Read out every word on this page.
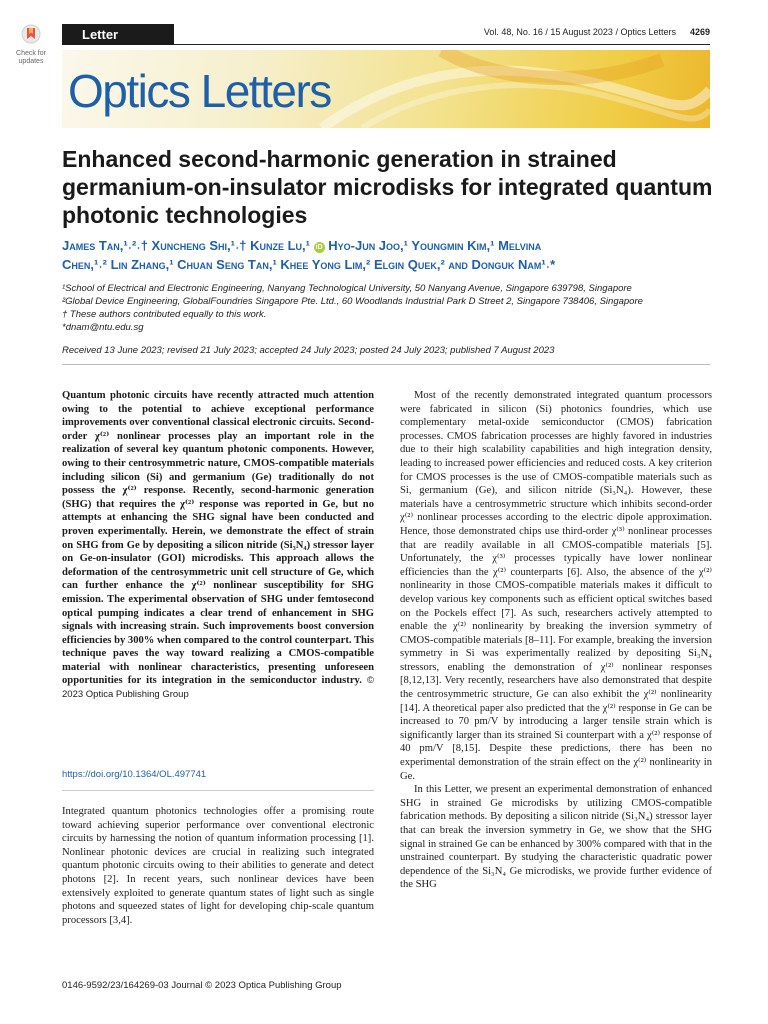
Check for
updates
Letter	Vol. 48, No. 16 / 15 August 2023 / Optics Letters 4269
Optics Letters
Enhanced second-harmonic generation in strained germanium-on-insulator microdisks for integrated quantum photonic technologies
James Tan,¹˒²˒† Xuncheng Shi,¹˒† Kunze Lu,¹ iD Hyo-Jun Joo,¹ Youngmin Kim,¹ Melvina
Chen,¹˒² Lin Zhang,¹ Chuan Seng Tan,¹ Khee Yong Lim,² Elgin Quek,² and Donguk Nam¹˒*
¹School of Electrical and Electronic Engineering, Nanyang Technological University, 50 Nanyang Avenue, Singapore 639798, Singapore
²Global Device Engineering, GlobalFoundries Singapore Pte. Ltd., 60 Woodlands Industrial Park D Street 2, Singapore 738406, Singapore
† These authors contributed equally to this work.
*dnam@ntu.edu.sg
Received 13 June 2023; revised 21 July 2023; accepted 24 July 2023; posted 24 July 2023; published 7 August 2023
Quantum photonic circuits have recently attracted much attention owing to the potential to achieve exceptional performance improvements over conventional classical electronic circuits. Second-order χ⁽²⁾ nonlinear processes play an important role in the realization of several key quantum photonic components. However, owing to their centrosymmetric nature, CMOS-compatible materials including silicon (Si) and germanium (Ge) traditionally do not possess the χ⁽²⁾ response. Recently, second-harmonic generation (SHG) that requires the χ⁽²⁾ response was reported in Ge, but no attempts at enhancing the SHG signal have been conducted and proven experimentally. Herein, we demonstrate the effect of strain on SHG from Ge by depositing a silicon nitride (Si₃N₄) stressor layer on Ge-on-insulator (GOI) microdisks. This approach allows the deformation of the centrosymmetric unit cell structure of Ge, which can further enhance the χ⁽²⁾ nonlinear susceptibility for SHG emission. The experimental observation of SHG under femtosecond optical pumping indicates a clear trend of enhancement in SHG signals with increasing strain. Such improvements boost conversion efficiencies by 300% when compared to the control counterpart. This technique paves the way toward realizing a CMOS-compatible material with nonlinear characteristics, presenting unforeseen opportunities for its integration in the semiconductor industry. © 2023 Optica Publishing Group
https://doi.org/10.1364/OL.497741

Integrated quantum photonics technologies offer a promising route toward achieving superior performance over conventional electronic circuits by harnessing the notion of quantum information processing [1]. Nonlinear photonic devices are crucial in realizing such integrated quantum photonic circuits owing to their abilities to generate and detect photons [2]. In recent years, such nonlinear devices have been extensively exploited to generate quantum states of light such as single photons and squeezed states of light for developing chip-scale quantum processors [3,4].

Most of the recently demonstrated integrated quantum processors were fabricated in silicon (Si) photonics foundries, which use complementary metal-oxide semiconductor (CMOS) fabrication processes. CMOS fabrication processes are highly favored in industries due to their high scalability capabilities and high integration density, leading to increased power efficiencies and reduced costs. A key criterion for CMOS processes is the use of CMOS-compatible materials such as Si, germanium (Ge), and silicon nitride (Si₃N₄). However, these materials have a centrosymmetric structure which inhibits second-order χ⁽²⁾ nonlinear processes according to the electric dipole approximation. Hence, those demonstrated chips use third-order χ⁽³⁾ nonlinear processes that are readily available in all CMOS-compatible materials [5]. Unfortunately, the χ⁽³⁾ processes typically have lower nonlinear efficiencies than the χ⁽²⁾ counterparts [6]. Also, the absence of the χ⁽²⁾ nonlinearity in those CMOS-compatible materials makes it difficult to develop various key components such as efficient optical switches based on the Pockels effect [7]. As such, researchers actively attempted to enable the χ⁽²⁾ nonlinearity by breaking the inversion symmetry of CMOS-compatible materials [8–11]. For example, breaking the inversion symmetry in Si was experimentally realized by depositing Si₃N₄ stressors, enabling the demonstration of χ⁽²⁾ nonlinear responses [8,12,13]. Very recently, researchers have also demonstrated that despite the centrosymmetric structure, Ge can also exhibit the χ⁽²⁾ nonlinearity [14]. A theoretical paper also predicted that the χ⁽²⁾ response in Ge can be increased to 70 pm/V by introducing a larger tensile strain which is significantly larger than its strained Si counterpart with a χ⁽²⁾ response of 40 pm/V [8,15]. Despite these predictions, there has been no experimental demonstration of the strain effect on the χ⁽²⁾ nonlinearity in Ge.

In this Letter, we present an experimental demonstration of enhanced SHG in strained Ge microdisks by utilizing CMOS-compatible fabrication methods. By depositing a silicon nitride (Si₃N₄) stressor layer that can break the inversion symmetry in Ge, we show that the SHG signal in strained Ge can be enhanced by 300% compared with that in the unstrained counterpart. By studying the characteristic quadratic power dependence of the Si₃N₄ Ge microdisks, we provide further evidence of the SHG

0146-9592/23/164269-03 Journal © 2023 Optica Publishing Group
